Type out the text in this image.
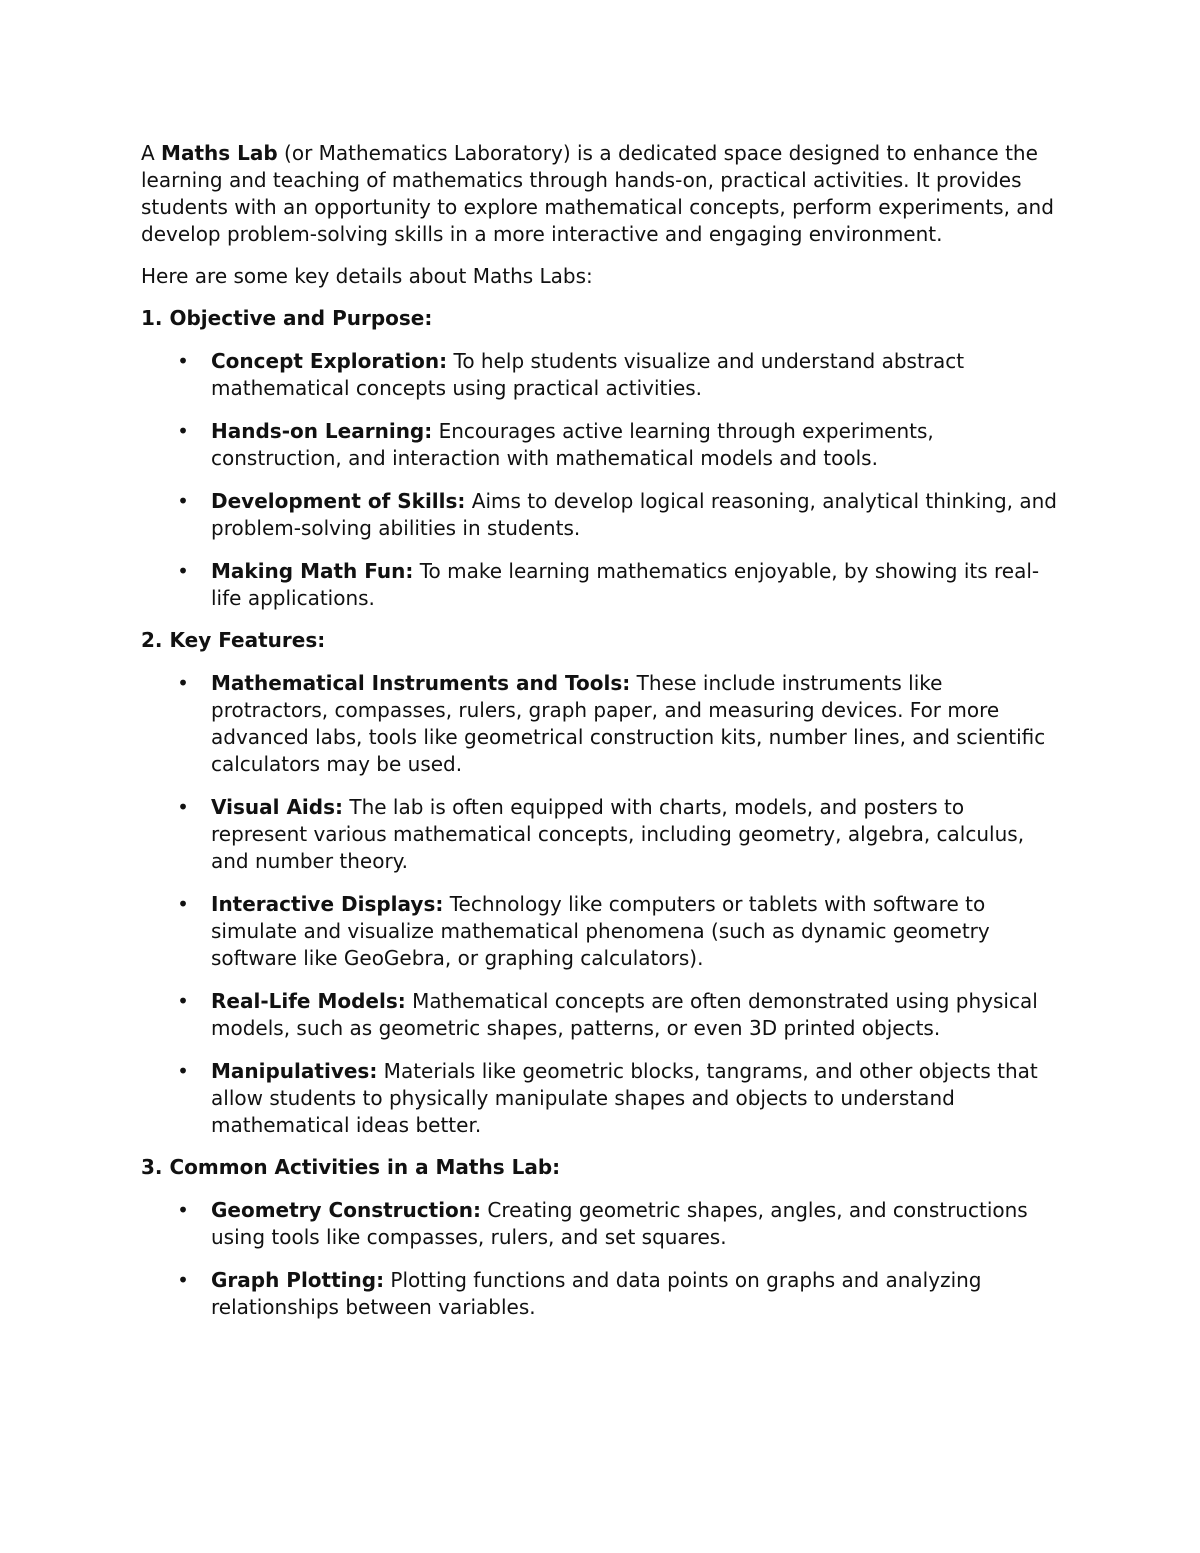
A Maths Lab (or Mathematics Laboratory) is a dedicated space designed to enhance the learning and teaching of mathematics through hands-on, practical activities. It provides students with an opportunity to explore mathematical concepts, perform experiments, and develop problem-solving skills in a more interactive and engaging environment.

Here are some key details about Maths Labs:

1. Objective and Purpose:

• Concept Exploration: To help students visualize and understand abstract mathematical concepts using practical activities.
• Hands-on Learning: Encourages active learning through experiments, construction, and interaction with mathematical models and tools.
• Development of Skills: Aims to develop logical reasoning, analytical thinking, and problem-solving abilities in students.
• Making Math Fun: To make learning mathematics enjoyable, by showing its real-life applications.

2. Key Features:

• Mathematical Instruments and Tools: These include instruments like protractors, compasses, rulers, graph paper, and measuring devices. For more advanced labs, tools like geometrical construction kits, number lines, and scientific calculators may be used.
• Visual Aids: The lab is often equipped with charts, models, and posters to represent various mathematical concepts, including geometry, algebra, calculus, and number theory.
• Interactive Displays: Technology like computers or tablets with software to simulate and visualize mathematical phenomena (such as dynamic geometry software like GeoGebra, or graphing calculators).
• Real-Life Models: Mathematical concepts are often demonstrated using physical models, such as geometric shapes, patterns, or even 3D printed objects.
• Manipulatives: Materials like geometric blocks, tangrams, and other objects that allow students to physically manipulate shapes and objects to understand mathematical ideas better.

3. Common Activities in a Maths Lab:

• Geometry Construction: Creating geometric shapes, angles, and constructions using tools like compasses, rulers, and set squares.
• Graph Plotting: Plotting functions and data points on graphs and analyzing relationships between variables.
